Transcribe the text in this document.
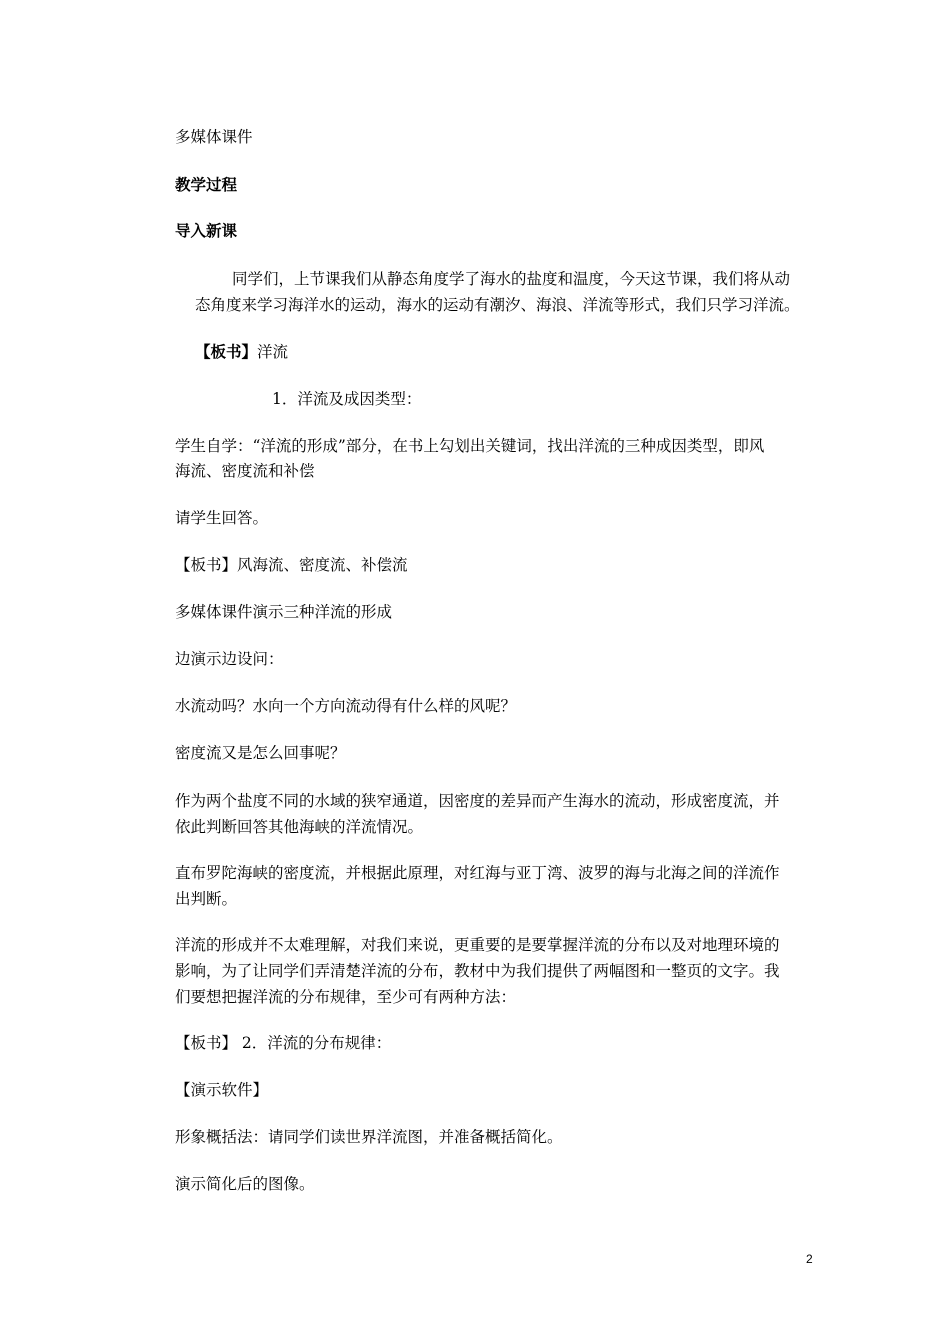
多媒体课件
教学过程
导入新课
同学们，上节课我们从静态角度学了海水的盐度和温度，今天这节课，我们将从动
态角度来学习海洋水的运动，海水的运动有潮汐、海浪、洋流等形式，我们只学习洋流。
【板书】洋流
1．洋流及成因类型：
学生自学：“洋流的形成”部分，在书上勾划出关键词，找出洋流的三种成因类型，即风
海流、密度流和补偿
请学生回答。
【板书】风海流、密度流、补偿流
多媒体课件演示三种洋流的形成
边演示边设问：
水流动吗？水向一个方向流动得有什么样的风呢？
密度流又是怎么回事呢？
作为两个盐度不同的水域的狭窄通道，因密度的差异而产生海水的流动，形成密度流，并
依此判断回答其他海峡的洋流情况。
直布罗陀海峡的密度流，并根据此原理，对红海与亚丁湾、波罗的海与北海之间的洋流作
出判断。
洋流的形成并不太难理解，对我们来说，更重要的是要掌握洋流的分布以及对地理环境的
影响，为了让同学们弄清楚洋流的分布，教材中为我们提供了两幅图和一整页的文字。我
们要想把握洋流的分布规律，至少可有两种方法：
【板书】 2．洋流的分布规律：
【演示软件】
形象概括法：请同学们读世界洋流图，并准备概括简化。
演示简化后的图像。
2
